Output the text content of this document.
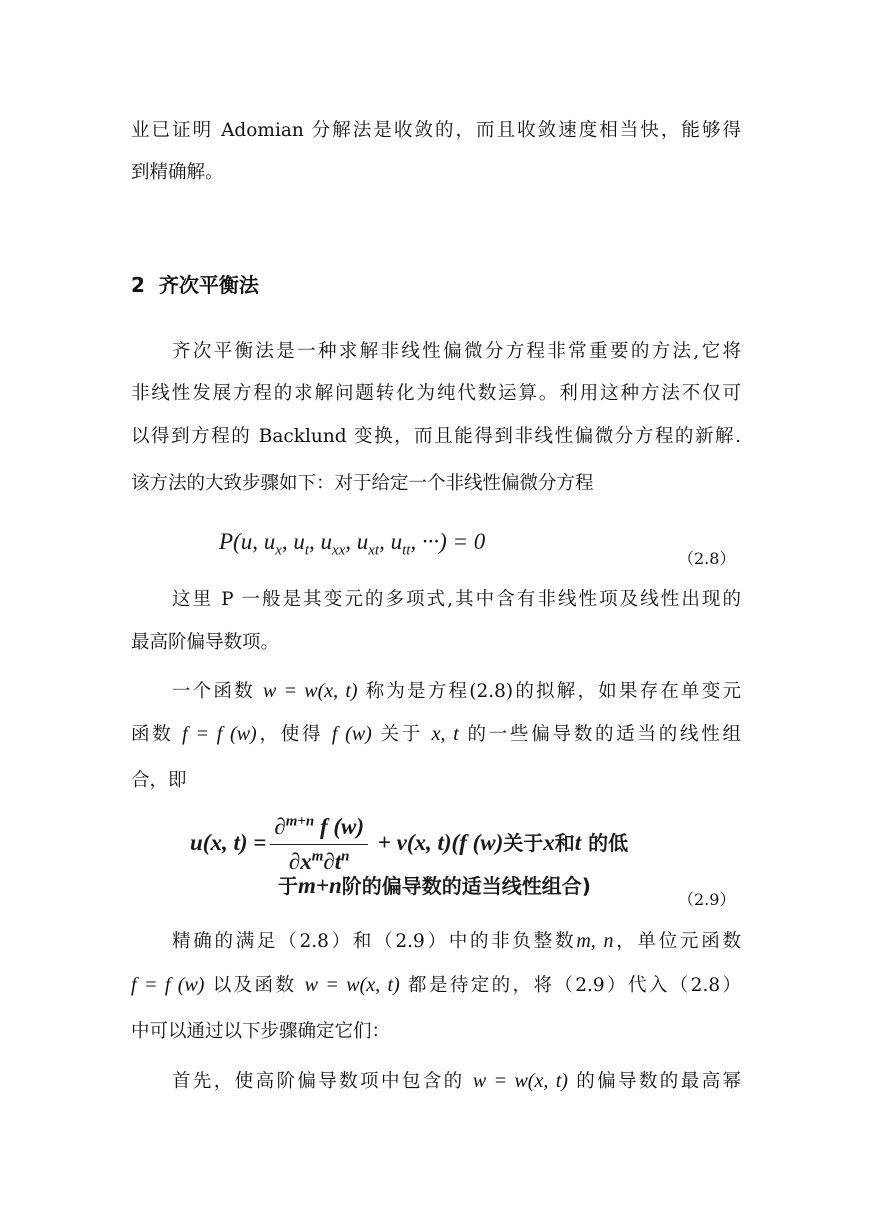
业已证明 Adomian 分解法是收敛的，而且收敛速度相当快，能够得
到精确解。
2 齐次平衡法
齐次平衡法是一种求解非线性偏微分方程非常重要的方法,它将
非线性发展方程的求解问题转化为纯代数运算。利用这种方法不仅可
以得到方程的 Backlund 变换，而且能得到非线性偏微分方程的新解.
该方法的大致步骤如下：对于给定一个非线性偏微分方程
P(u, $u_x$, $u_t$, $u_{xx}$, $u_{xt}$, $u_{tt}$, ···) = 0
（2.8）
这里 P 一般是其变元的多项式,其中含有非线性项及线性出现的
最高阶偏导数项。
一个函数 w = w(x, t) 称为是方程(2.8)的拟解，如果存在单变元
函数 f = f (w)，使得 f (w) 关于 x, t 的一些偏导数的适当的线性组
合，即
u(x, $t) = \frac{\partial^{m+n} f (w)}{\partial x^m\partial t^n} + v(x$, t)(f (w)关于x和t 的低
于m+n阶的偏导数的适当线性组合)
（2.9）
精确的满足（2.8）和（2.9）中的非负整数m, n，单位元函数
f = f (w) 以及函数 w = w(x, t) 都是待定的，将（2.9）代入（2.8）
中可以通过以下步骤确定它们：
首先，使高阶偏导数项中包含的 w = w(x, t) 的偏导数的最高幂
